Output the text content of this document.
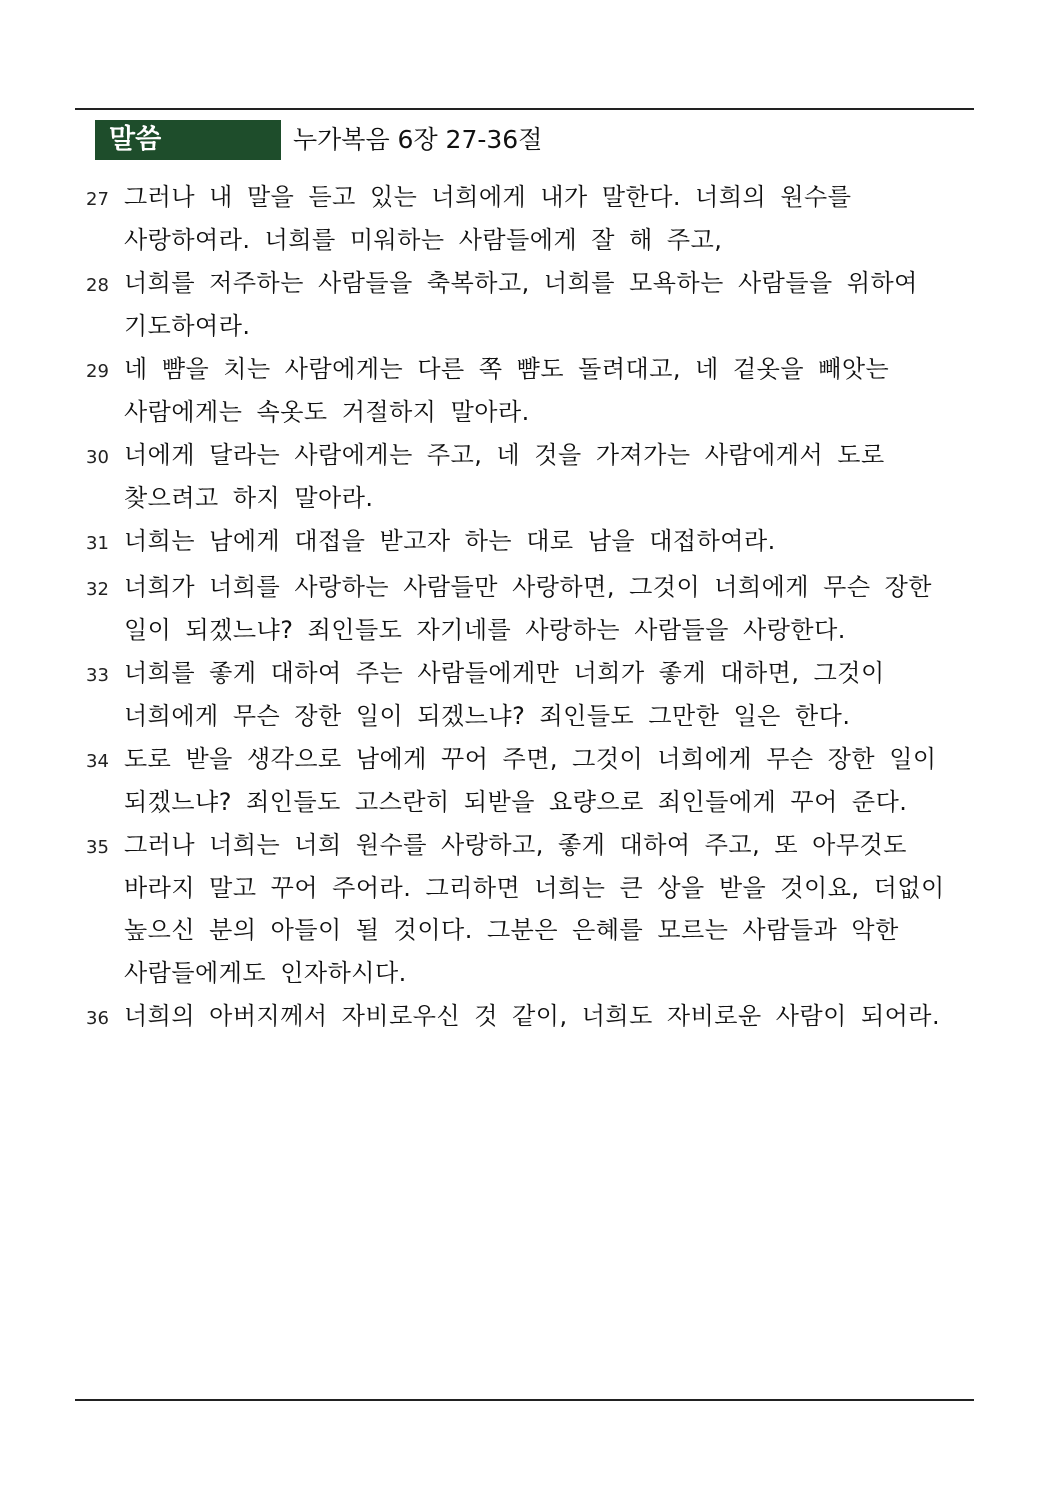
말씀	누가복음 6장 27-36절
27 그러나 내 말을 듣고 있는 너희에게 내가 말한다. 너희의 원수를
사랑하여라. 너희를 미워하는 사람들에게 잘 해 주고,
28 너희를 저주하는 사람들을 축복하고, 너희를 모욕하는 사람들을 위하여
기도하여라.
29 네 뺨을 치는 사람에게는 다른 쪽 뺨도 돌려대고, 네 겉옷을 빼앗는
사람에게는 속옷도 거절하지 말아라.
30 너에게 달라는 사람에게는 주고, 네 것을 가져가는 사람에게서 도로
찾으려고 하지 말아라.
31 너희는 남에게 대접을 받고자 하는 대로 남을 대접하여라.
32 너희가 너희를 사랑하는 사람들만 사랑하면, 그것이 너희에게 무슨 장한
일이 되겠느냐? 죄인들도 자기네를 사랑하는 사람들을 사랑한다.
33 너희를 좋게 대하여 주는 사람들에게만 너희가 좋게 대하면, 그것이
너희에게 무슨 장한 일이 되겠느냐? 죄인들도 그만한 일은 한다.
34 도로 받을 생각으로 남에게 꾸어 주면, 그것이 너희에게 무슨 장한 일이
되겠느냐? 죄인들도 고스란히 되받을 요량으로 죄인들에게 꾸어 준다.
35 그러나 너희는 너희 원수를 사랑하고, 좋게 대하여 주고, 또 아무것도
바라지 말고 꾸어 주어라. 그리하면 너희는 큰 상을 받을 것이요, 더없이
높으신 분의 아들이 될 것이다. 그분은 은혜를 모르는 사람들과 악한
사람들에게도 인자하시다.
36 너희의 아버지께서 자비로우신 것 같이, 너희도 자비로운 사람이 되어라.
